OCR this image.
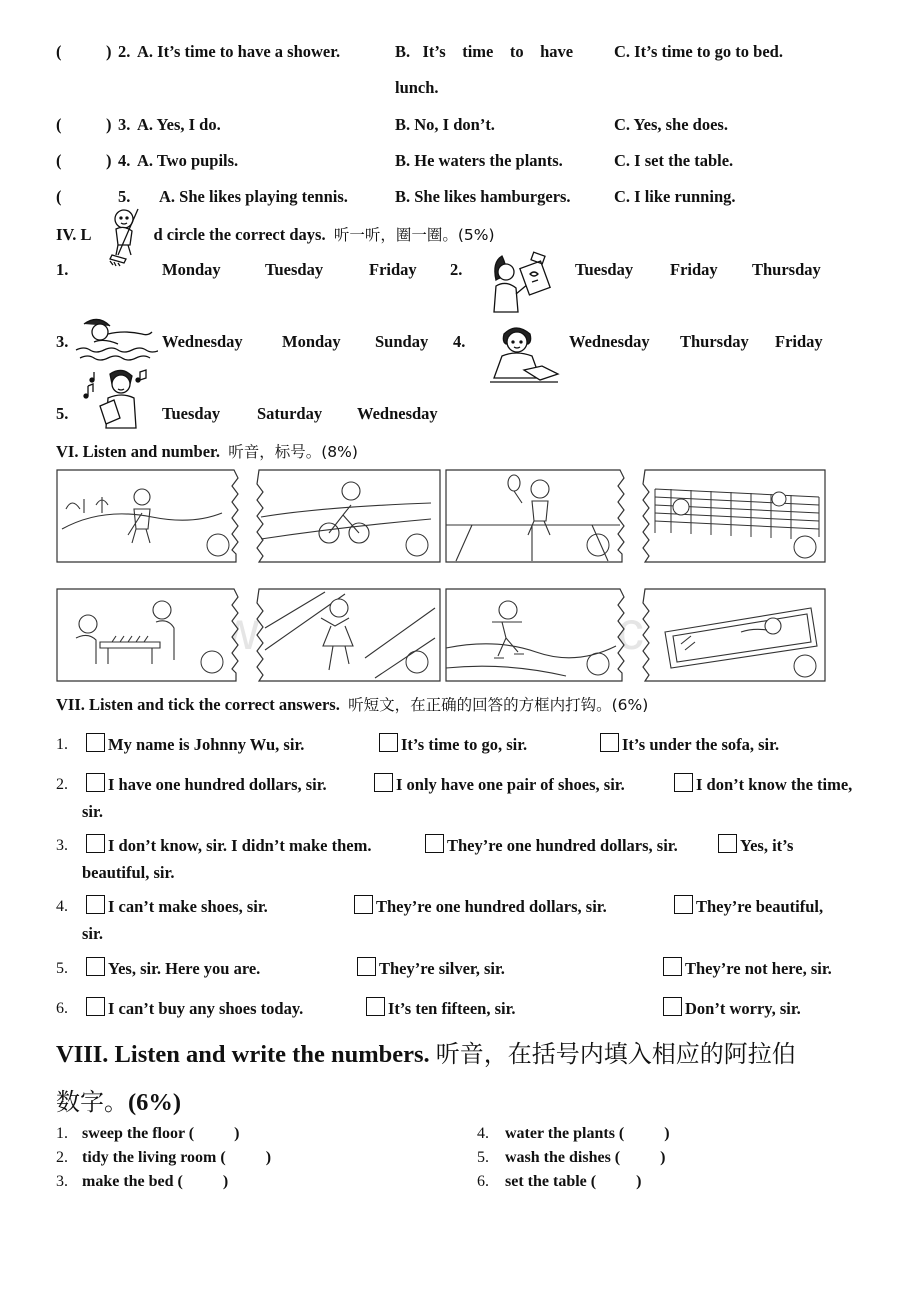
(	) 2. A. It’s time to have a shower.	B.   It’s    time    to    have
lunch.
C. It’s time to go to bed.
(	) 3. A. Yes, I do.	B. No, I don’t.	C. Yes, she does.
(	) 4. A. Two pupils.	B. He waters the plants.	C. I set the table.
(	5. A. She likes playing tennis.	B. She likes hamburgers.	C. I like running.
IV. L	d circle the correct days. 听一听，圈一圈。(5%)
1.	Monday	Tuesday	Friday 2.	Tuesday Friday Thursday
3.	Wednesday Monday Sunday 4.	Wednesday Thursday Friday
5.	Tuesday Saturday Wednesday
VI. Listen and number. 听音，标号。(8%)
VII. Listen and tick the correct answers. 听短文，在正确的回答的方框内打钩。(6%)
1.	My name is Johnny Wu, sir.	It’s time to go, sir.	It’s under the sofa, sir.
2.	I have one hundred dollars, sir.	I only have one pair of shoes, sir.	I don’t know the time,
sir.
3.	I don’t know, sir. I didn’t make them.	They’re one hundred dollars, sir.	Yes, it’s
beautiful, sir.
4.	I can’t make shoes, sir.	They’re one hundred dollars, sir.	They’re beautiful,
sir.
5.	Yes, sir. Here you are.	They’re silver, sir.	They’re not here, sir.
6.	I can’t buy any shoes today.	It’s ten fifteen, sir.	Don’t worry, sir.
VIII. Listen and write the numbers. 听音，在括号内填入相应的阿拉伯
数字。(6%)
1. sweep the floor (          )
2. tidy the living room (          )
3. make the bed (          )
4. water the plants (          )
5. wash the dishes (          )
6. set the table (          )
